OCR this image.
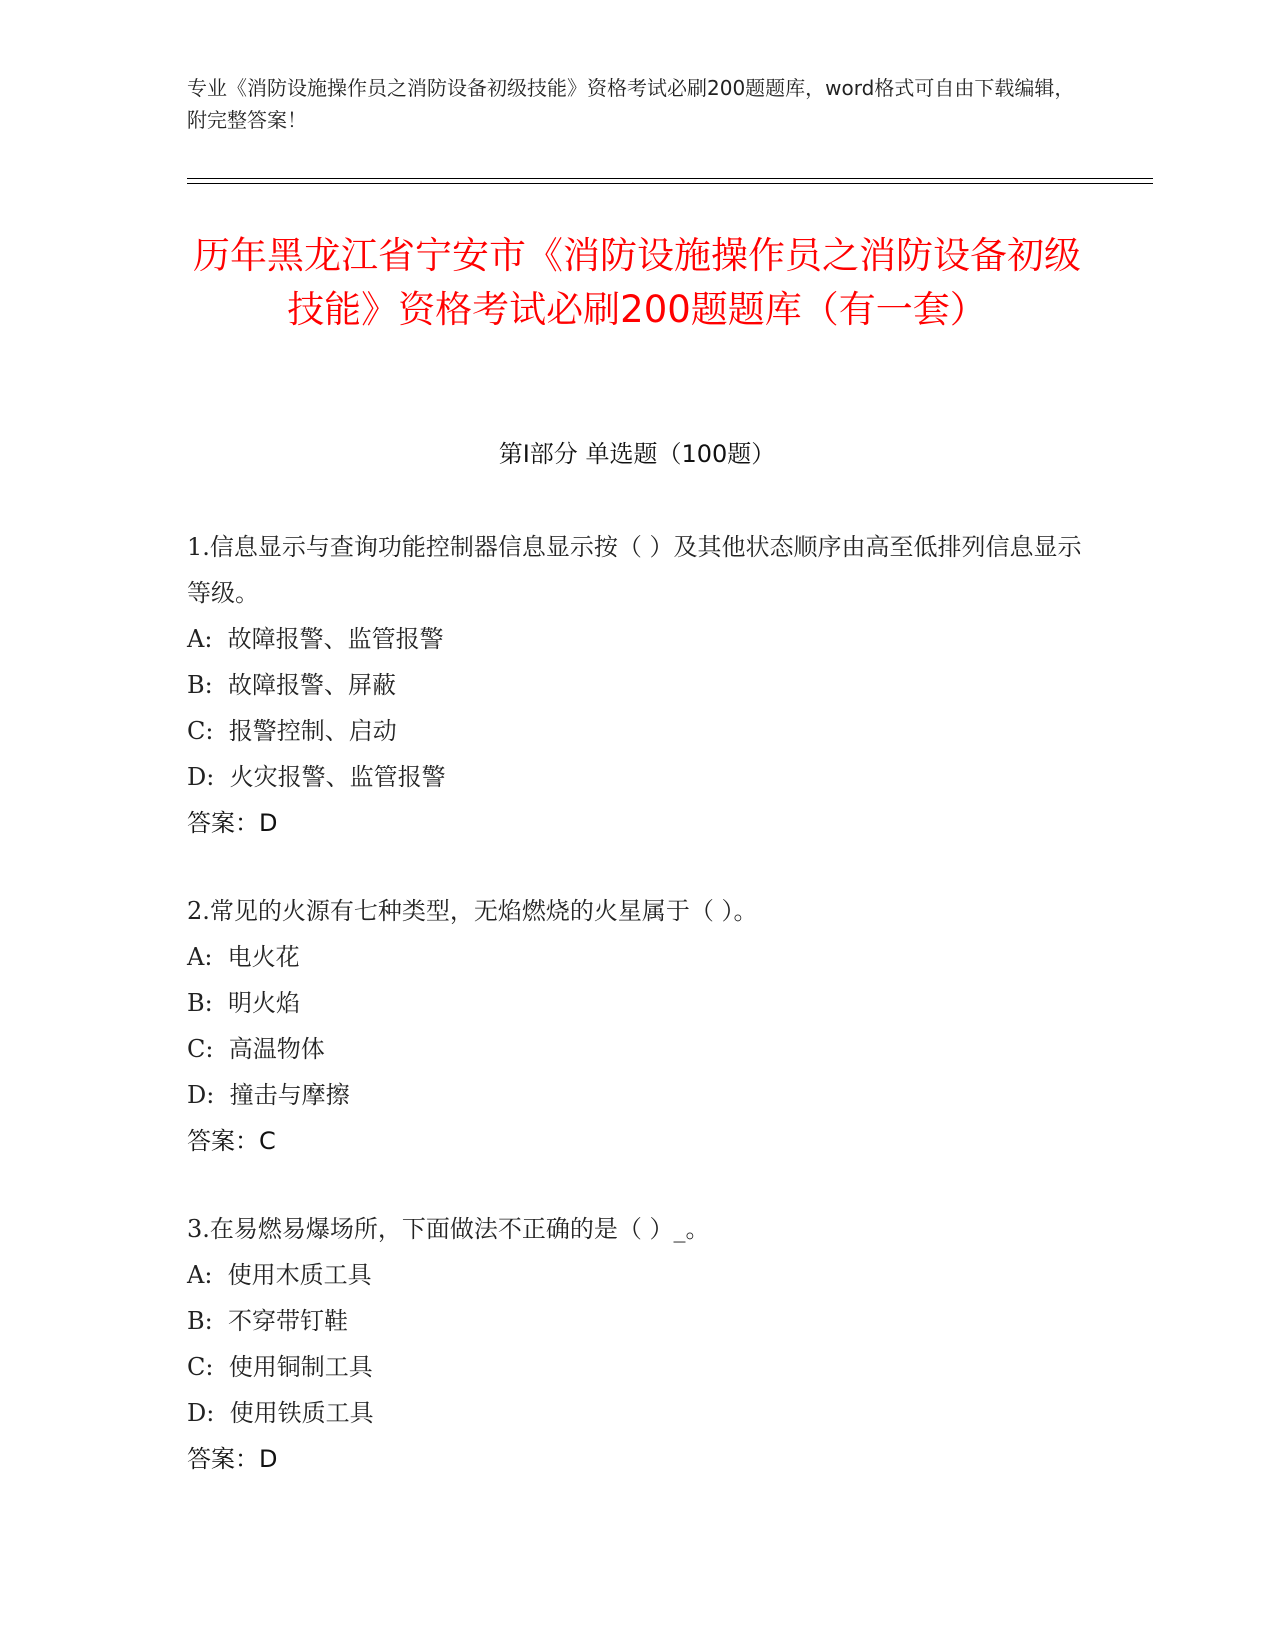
专业《消防设施操作员之消防设备初级技能》资格考试必刷200题题库，word格式可自由下载编辑，附完整答案！
历年黑龙江省宁安市《消防设施操作员之消防设备初级技能》资格考试必刷200题题库（有一套）
第Ⅰ部分 单选题（100题）

1.信息显示与查询功能控制器信息显示按（ ）及其他状态顺序由高至低排列信息显示等级。

A:  故障报警、监管报警

B:  故障报警、屏蔽

C:  报警控制、启动

D:  火灾报警、监管报警

答案：D

2.常见的火源有七种类型，无焰燃烧的火星属于（ ）。

A:  电火花

B:  明火焰

C:  高温物体

D:  撞击与摩擦

答案：C

3.在易燃易爆场所，下面做法不正确的是（ ）_。

A:  使用木质工具

B:  不穿带钉鞋

C:  使用铜制工具

D:  使用铁质工具

答案：D
